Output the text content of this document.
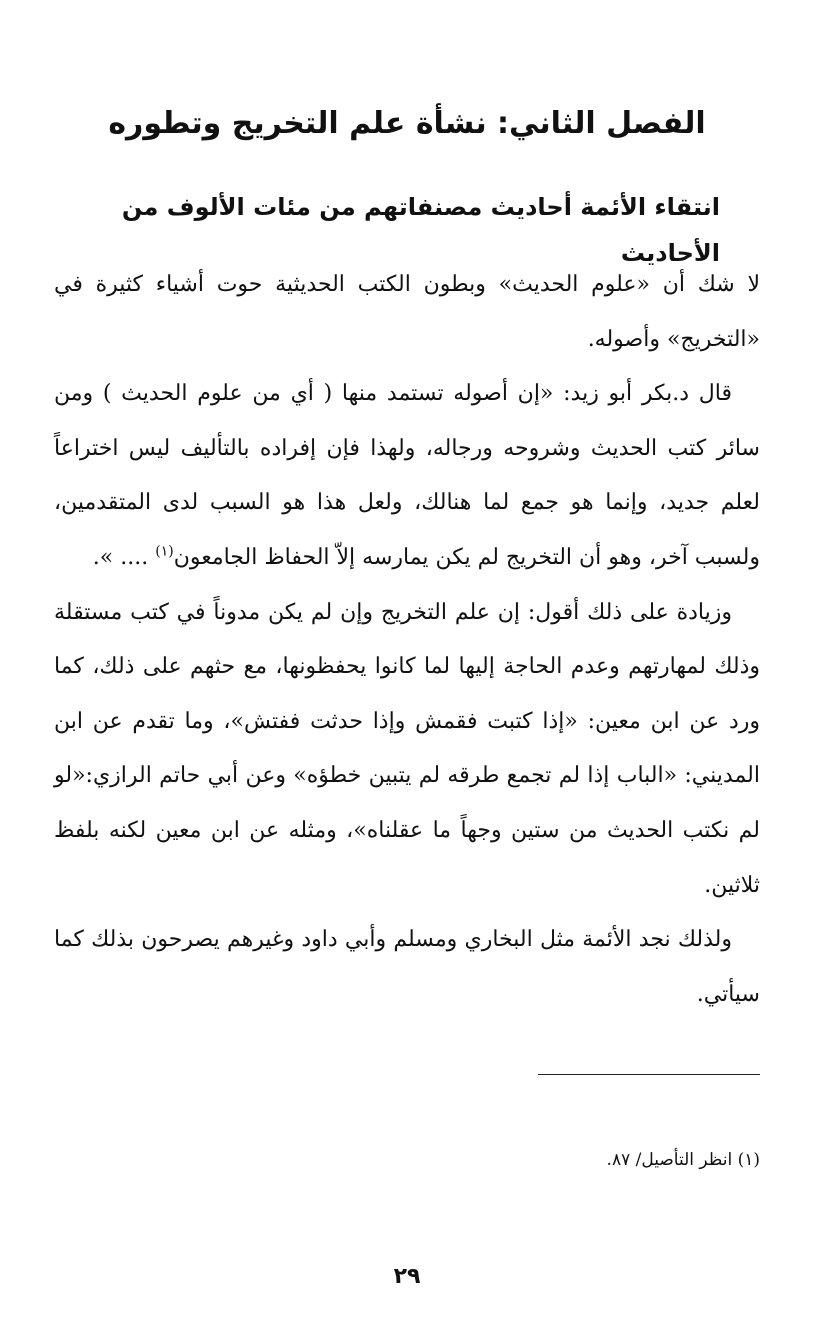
الفصل الثاني: نشأة علم التخريج وتطوره
انتقاء الأئمة أحاديث مصنفاتهم من مئات الألوف من الأحاديث

لا شك أن «علوم الحديث» وبطون الكتب الحديثية حوت أشياء كثيرة في «التخريج» وأصوله.

قال د.بكر أبو زيد: «إن أصوله تستمد منها ( أي من علوم الحديث ) ومن سائر كتب الحديث وشروحه ورجاله، ولهذا فإن إفراده بالتأليف ليس اختراعاً لعلم جديد، وإنما هو جمع لما هنالك، ولعل هذا هو السبب لدى المتقدمين، ولسبب آخر، وهو أن التخريج لم يكن يمارسه إلاّ الحفاظ الجامعون$^{(١)}$ .... ».

وزيادة على ذلك أقول: إن علم التخريج وإن لم يكن مدوناً في كتب مستقلة وذلك لمهارتهم وعدم الحاجة إليها لما كانوا يحفظونها، مع حثهم على ذلك، كما ورد عن ابن معين: «إذا كتبت فقمش وإذا حدثت ففتش»، وما تقدم عن ابن المديني: «الباب إذا لم تجمع طرقه لم يتبين خطؤه» وعن أبي حاتم الرازي:«لو لم نكتب الحديث من ستين وجهاً ما عقلناه»، ومثله عن ابن معين لكنه بلفظ ثلاثين.

ولذلك نجد الأئمة مثل البخاري ومسلم وأبي داود وغيرهم يصرحون بذلك كما سيأتي.

(١) انظر التأصيل/ ٨٧.

٢٩
